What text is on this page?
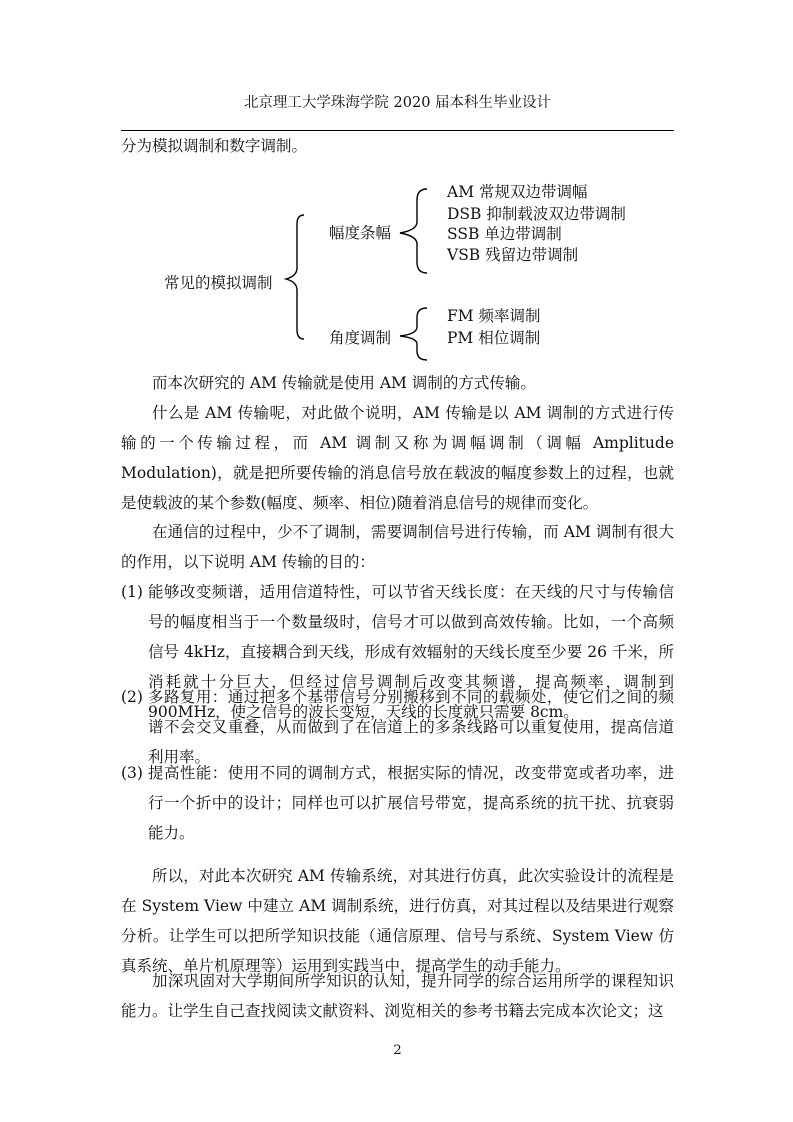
北京理工大学珠海学院 2020 届本科生毕业设计
分为模拟调制和数字调制。
常见的模拟调制
幅度条幅
AM 常规双边带调幅
DSB 抑制载波双边带调制
SSB 单边带调制
VSB 残留边带调制
角度调制
FM 频率调制
PM 相位调制

而本次研究的 AM 传输就是使用 AM 调制的方式传输。

什么是 AM 传输呢，对此做个说明，AM 传输是以 AM 调制的方式进行传输的一个传输过程，而 AM 调制又称为调幅调制（调幅 Amplitude Modulation)，就是把所要传输的消息信号放在载波的幅度参数上的过程，也就是使载波的某个参数(幅度、频率、相位)随着消息信号的规律而变化。

在通信的过程中，少不了调制，需要调制信号进行传输，而 AM 调制有很大的作用，以下说明 AM 传输的目的：

(1) 能够改变频谱，适用信道特性，可以节省天线长度：在天线的尺寸与传输信号的幅度相当于一个数量级时，信号才可以做到高效传输。比如，一个高频信号 4kHz，直接耦合到天线，形成有效辐射的天线长度至少要 26 千米，所消耗就十分巨大，但经过信号调制后改变其频谱，提高频率，调制到 900MHz，使之信号的波长变短，天线的长度就只需要 8cm。
(2) 多路复用：通过把多个基带信号分别搬移到不同的载频处，使它们之间的频谱不会交叉重叠，从而做到了在信道上的多条线路可以重复使用，提高信道利用率。
(3) 提高性能：使用不同的调制方式，根据实际的情况，改变带宽或者功率，进行一个折中的设计；同样也可以扩展信号带宽，提高系统的抗干扰、抗衰弱能力。

所以，对此本次研究 AM 传输系统，对其进行仿真，此次实验设计的流程是在 System View 中建立 AM 调制系统，进行仿真，对其过程以及结果进行观察分析。让学生可以把所学知识技能（通信原理、信号与系统、System View 仿真系统、单片机原理等）运用到实践当中，提高学生的动手能力。

加深巩固对大学期间所学知识的认知，提升同学的综合运用所学的课程知识能力。让学生自己查找阅读文献资料、浏览相关的参考书籍去完成本次论文；这

2
